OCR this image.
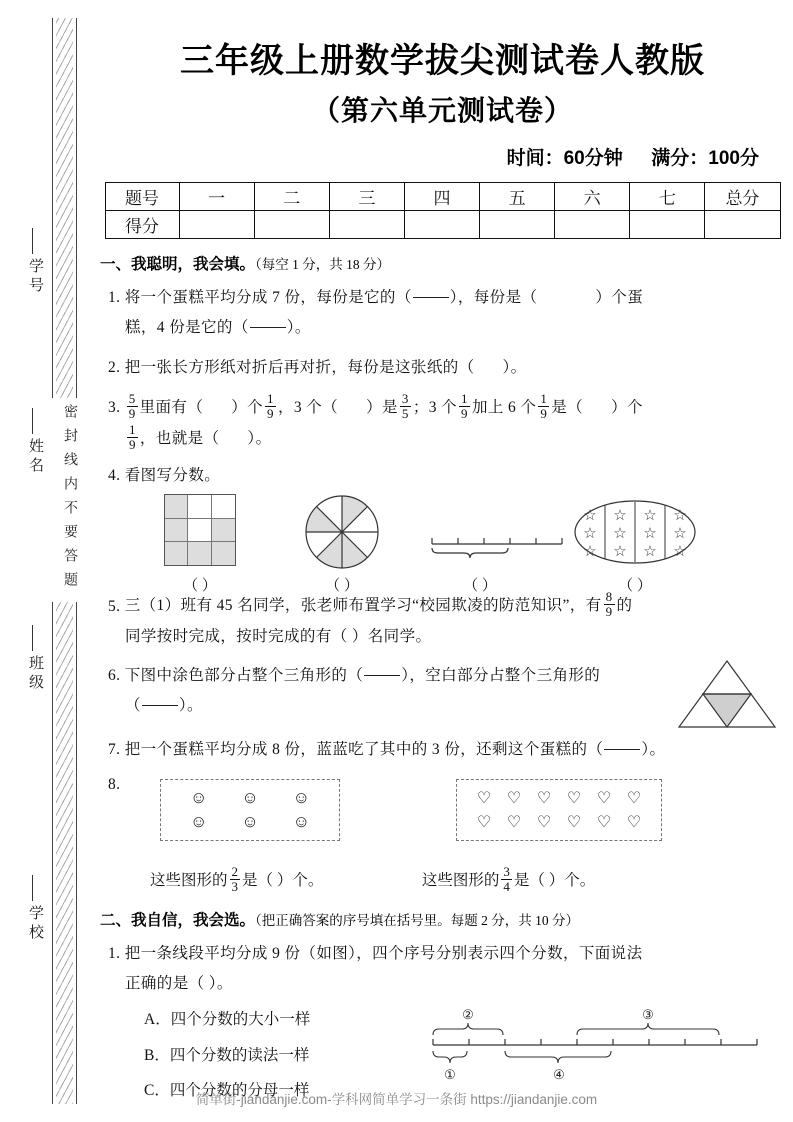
密封线内不要答题
学号
姓名
班级
学校
三年级上册数学拔尖测试卷人教版
（第六单元测试卷）
时间：60分钟 满分：100分
题号	一	二	三	四	五	六	七	总分
得分								
一、我聪明，我会填。（每空 1 分，共 18 分）
1. 将一个蛋糕平均分成 7 份，每份是它的（ ），每份是（	）个蛋
糕，4 份是它的（ ）。
2. 把一张长方形纸对折后再对折，每份是这张纸的（ ）。
3. $\frac{5}{9}$ 里面有（ ）个 $\frac{1}{9}$ ，3 个（ ）是 $\frac{3}{5}$ ；3 个 $\frac{1}{9}$ 加上 6 个 $\frac{1}{9}$ 是（ ）个

$\frac{1}{9}$ ，也就是（ ）。
4. 看图写分数。
（ ）	（ ）	（ ）
☆ ☆ ☆ ☆
☆ ☆ ☆ ☆
☆ ☆ ☆ ☆
（ ）
5. 三（1）班有 45 名同学，张老师布置学习“校园欺凌的防范知识”，有 $\frac{8}{9}$ 的
同学按时完成，按时完成的有（ ）名同学。
6. 下图中涂色部分占整个三角形的（ ），空白部分占整个三角形的
（ ）。
7. 把一个蛋糕平均分成 8 份，蓝蓝吃了其中的 3 份，还剩这个蛋糕的（ ）。
8.
☺ ☺ ☺
☺ ☺ ☺
♡ ♡ ♡ ♡ ♡ ♡
♡ ♡ ♡ ♡ ♡ ♡
这些图形的 $\frac{2}{3}$ 是（ ）个。	这些图形的 $\frac{3}{4}$ 是（ ）个。
二、我自信，我会选。（把正确答案的序号填在括号里。每题 2 分，共 10 分）
1. 把一条线段平均分成 9 份（如图），四个序号分别表示四个分数，下面说法
正确的是（ ）。
A．四个分数的大小一样
B．四个分数的读法一样
C．四个分数的分母一样
②
①	④
③
简单街-jiandanjie.com-学科网简单学习一条街 https://jiandanjie.com
